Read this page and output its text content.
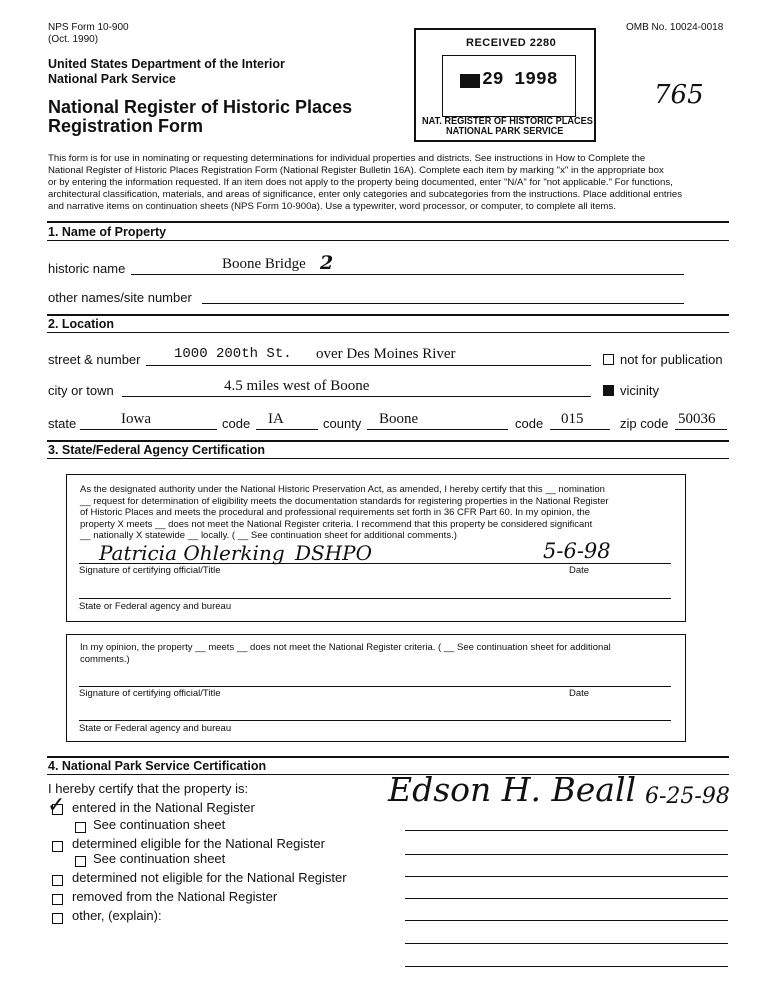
NPS Form 10-900
(Oct. 1990)
United States Department of the Interior
National Park Service
National Register of Historic Places
Registration Form
OMB No. 10024-0018
RECEIVED 2280
29 1998
NAT. REGISTER OF HISTORIC PLACES
NATIONAL PARK SERVICE
765
This form is for use in nominating or requesting determinations for individual properties and districts. See instructions in How to Complete the
National Register of Historic Places Registration Form (National Register Bulletin 16A). Complete each item by marking "x" in the appropriate box
or by entering the information requested. If an item does not apply to the property being documented, enter "N/A" for "not applicable." For functions,
architectural classification, materials, and areas of significance, enter only categories and subcategories from the instructions. Place additional entries
and narrative items on continuation sheets (NPS Form 10-900a). Use a typewriter, word processor, or computer, to complete all items.
1. Name of Property
historic name	Boone Bridge 2
other names/site number
2. Location
street & number 1000 200th St. over Des Moines River	not for publication
city or town	4.5 miles west of Boone	vicinity
state	Iowa	code IA	county Boone	code 015	zip code 50036
3. State/Federal Agency Certification
As the designated authority under the National Historic Preservation Act, as amended, I hereby certify that this __ nomination
__ request for determination of eligibility meets the documentation standards for registering properties in the National Register
of Historic Places and meets the procedural and professional requirements set forth in 36 CFR Part 60. In my opinion, the
property X meets __ does not meet the National Register criteria. I recommend that this property be considered significant
__ nationally X statewide __ locally. ( __ See continuation sheet for additional comments.)
Patricia Ohlerking DSHPO	5-6-98
Signature of certifying official/Title	Date
State or Federal agency and bureau
In my opinion, the property __ meets __ does not meet the National Register criteria. ( __ See continuation sheet for additional
comments.)
Signature of certifying official/Title	Date
State or Federal agency and bureau
4. National Park Service Certification
I hereby certify that the property is:
✓ entered in the National Register
See continuation sheet
determined eligible for the National Register
See continuation sheet
determined not eligible for the National Register
removed from the National Register
other, (explain):
Edson H. Beall 6-25-98
